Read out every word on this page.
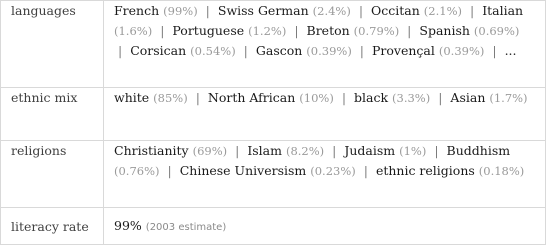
languages	French (99%) | Swiss German (2.4%) | Occitan (2.1%) | Italian (1.6%) | Portuguese (1.2%) | Breton (0.79%) | Spanish (0.69%) | Corsican (0.54%) | Gascon (0.39%) | Provençal (0.39%) | ...
ethnic mix	white (85%) | North African (10%) | black (3.3%) | Asian (1.7%)
religions	Christianity (69%) | Islam (8.2%) | Judaism (1%) | Buddhism (0.76%) | Chinese Universism (0.23%) | ethnic religions (0.18%)
literacy rate	99% (2003 estimate)
